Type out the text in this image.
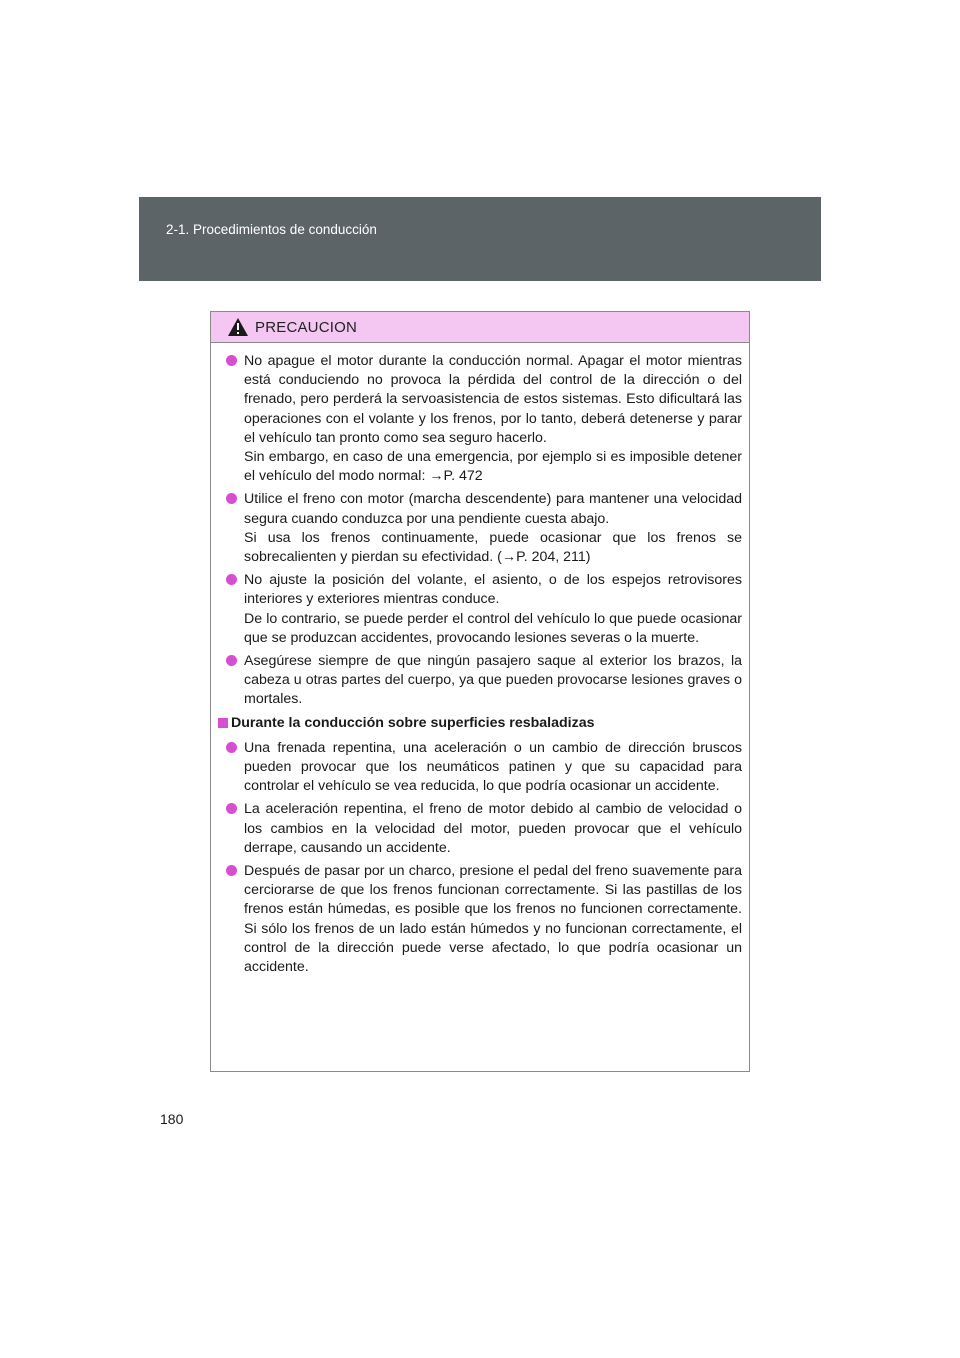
2-1. Procedimientos de conducción
PRECAUCION
No apague el motor durante la conducción normal. Apagar el motor mientras está conduciendo no provoca la pérdida del control de la dirección o del frenado, pero perderá la servoasistencia de estos sistemas. Esto dificultará las operaciones con el volante y los frenos, por lo tanto, deberá detenerse y parar el vehículo tan pronto como sea seguro hacerlo.
Sin embargo, en caso de una emergencia, por ejemplo si es imposible detener el vehículo del modo normal: →P. 472
Utilice el freno con motor (marcha descendente) para mantener una velocidad segura cuando conduzca por una pendiente cuesta abajo.
Si usa los frenos continuamente, puede ocasionar que los frenos se sobrecalienten y pierdan su efectividad. (→P. 204, 211)
No ajuste la posición del volante, el asiento, o de los espejos retrovisores interiores y exteriores mientras conduce.
De lo contrario, se puede perder el control del vehículo lo que puede ocasionar que se produzcan accidentes, provocando lesiones severas o la muerte.
Asegúrese siempre de que ningún pasajero saque al exterior los brazos, la cabeza u otras partes del cuerpo, ya que pueden provocarse lesiones graves o mortales.
Durante la conducción sobre superficies resbaladizas
Una frenada repentina, una aceleración o un cambio de dirección bruscos pueden provocar que los neumáticos patinen y que su capacidad para controlar el vehículo se vea reducida, lo que podría ocasionar un accidente.
La aceleración repentina, el freno de motor debido al cambio de velocidad o los cambios en la velocidad del motor, pueden provocar que el vehículo derrape, causando un accidente.
Después de pasar por un charco, presione el pedal del freno suavemente para cerciorarse de que los frenos funcionan correctamente. Si las pastillas de los frenos están húmedas, es posible que los frenos no funcionen correctamente. Si sólo los frenos de un lado están húmedos y no funcionan correctamente, el control de la dirección puede verse afectado, lo que podría ocasionar un accidente.
180
